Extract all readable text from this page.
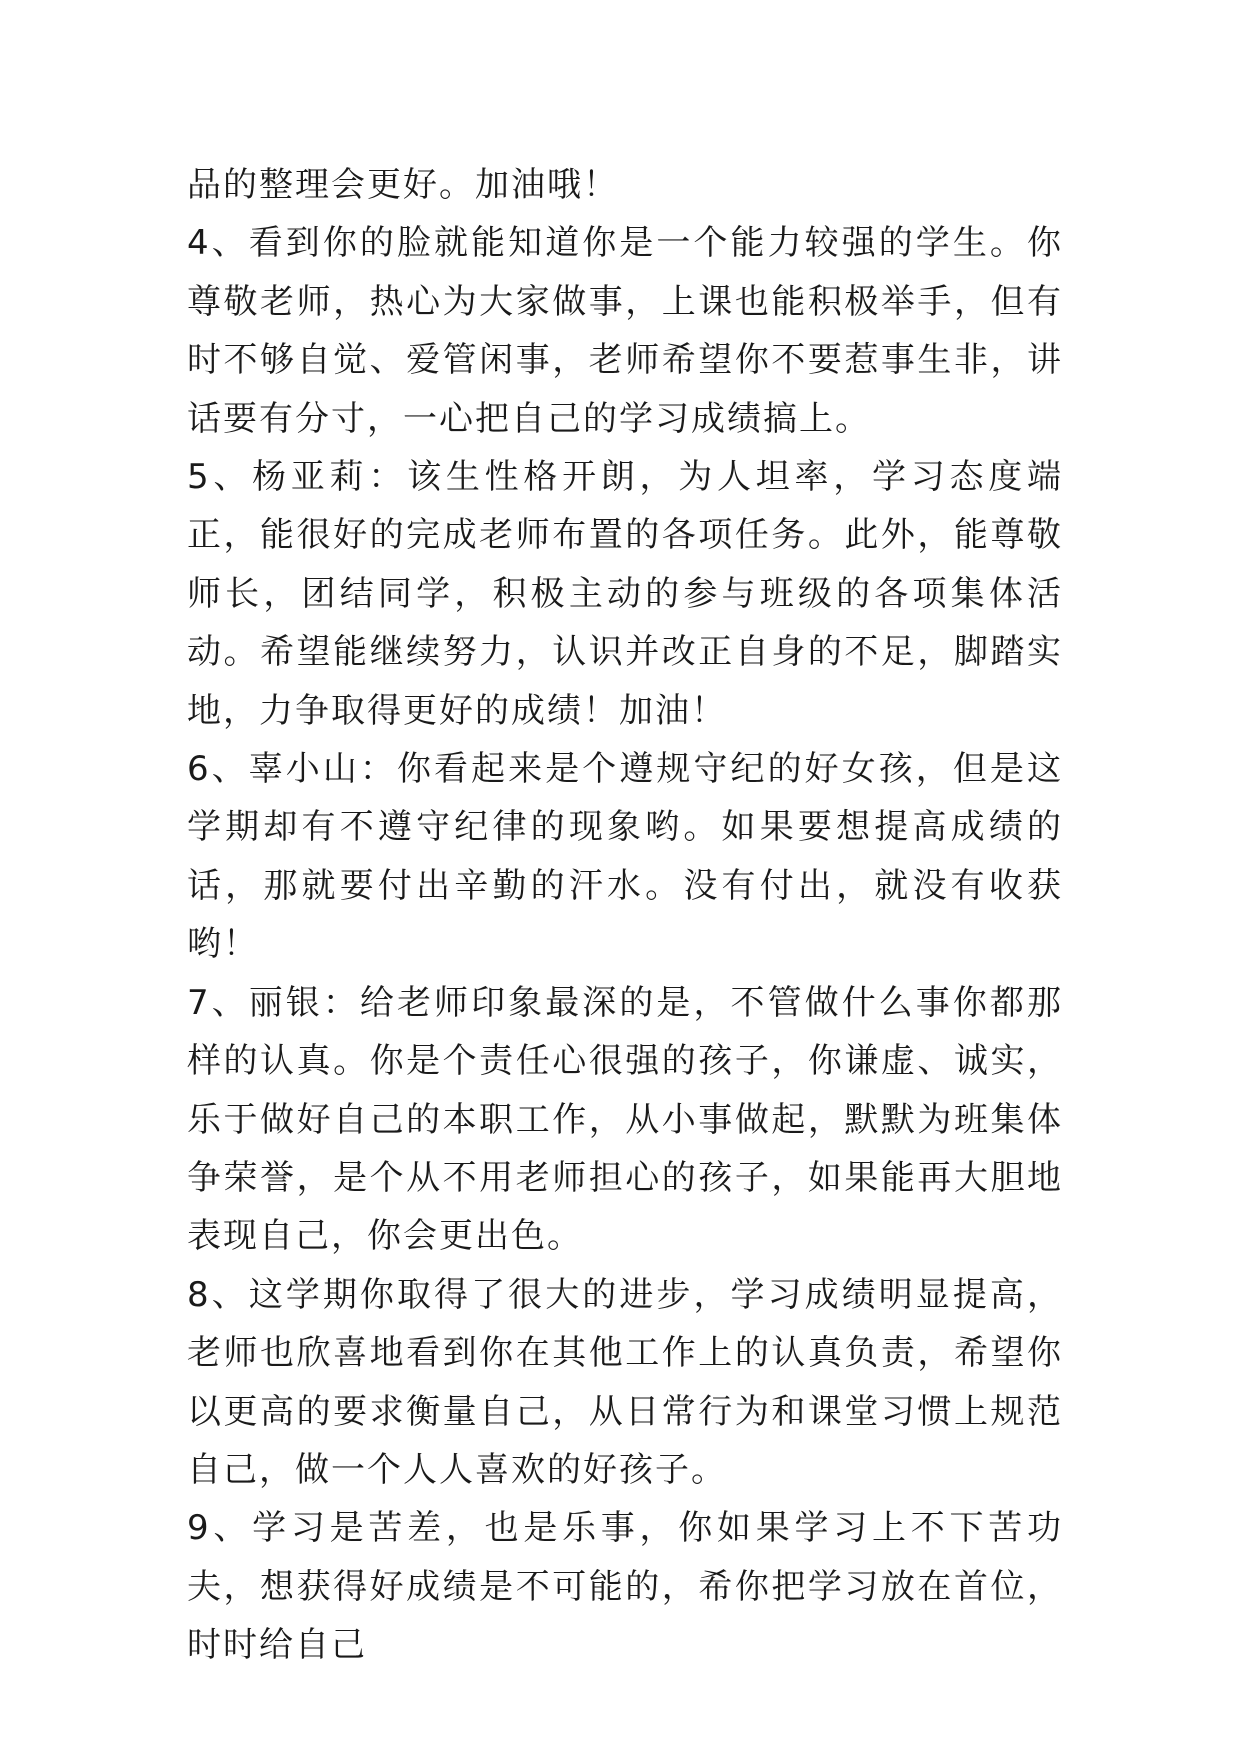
品的整理会更好。加油哦！

4、看到你的脸就能知道你是一个能力较强的学生。你尊敬老师，热心为大家做事，上课也能积极举手，但有时不够自觉、爱管闲事，老师希望你不要惹事生非，讲话要有分寸，一心把自己的学习成绩搞上。

5、杨亚莉：该生性格开朗，为人坦率，学习态度端正，能很好的完成老师布置的各项任务。此外，能尊敬师长，团结同学，积极主动的参与班级的各项集体活动。希望能继续努力，认识并改正自身的不足，脚踏实地，力争取得更好的成绩！加油！

6、辜小山：你看起来是个遵规守纪的好女孩，但是这学期却有不遵守纪律的现象哟。如果要想提高成绩的话，那就要付出辛勤的汗水。没有付出，就没有收获哟！

7、丽银：给老师印象最深的是，不管做什么事你都那样的认真。你是个责任心很强的孩子，你谦虚、诚实，乐于做好自己的本职工作，从小事做起，默默为班集体争荣誉，是个从不用老师担心的孩子，如果能再大胆地表现自己，你会更出色。

8、这学期你取得了很大的进步，学习成绩明显提高，老师也欣喜地看到你在其他工作上的认真负责，希望你以更高的要求衡量自己，从日常行为和课堂习惯上规范自己，做一个人人喜欢的好孩子。

9、学习是苦差，也是乐事，你如果学习上不下苦功夫，想获得好成绩是不可能的，希你把学习放在首位，时时给自己
